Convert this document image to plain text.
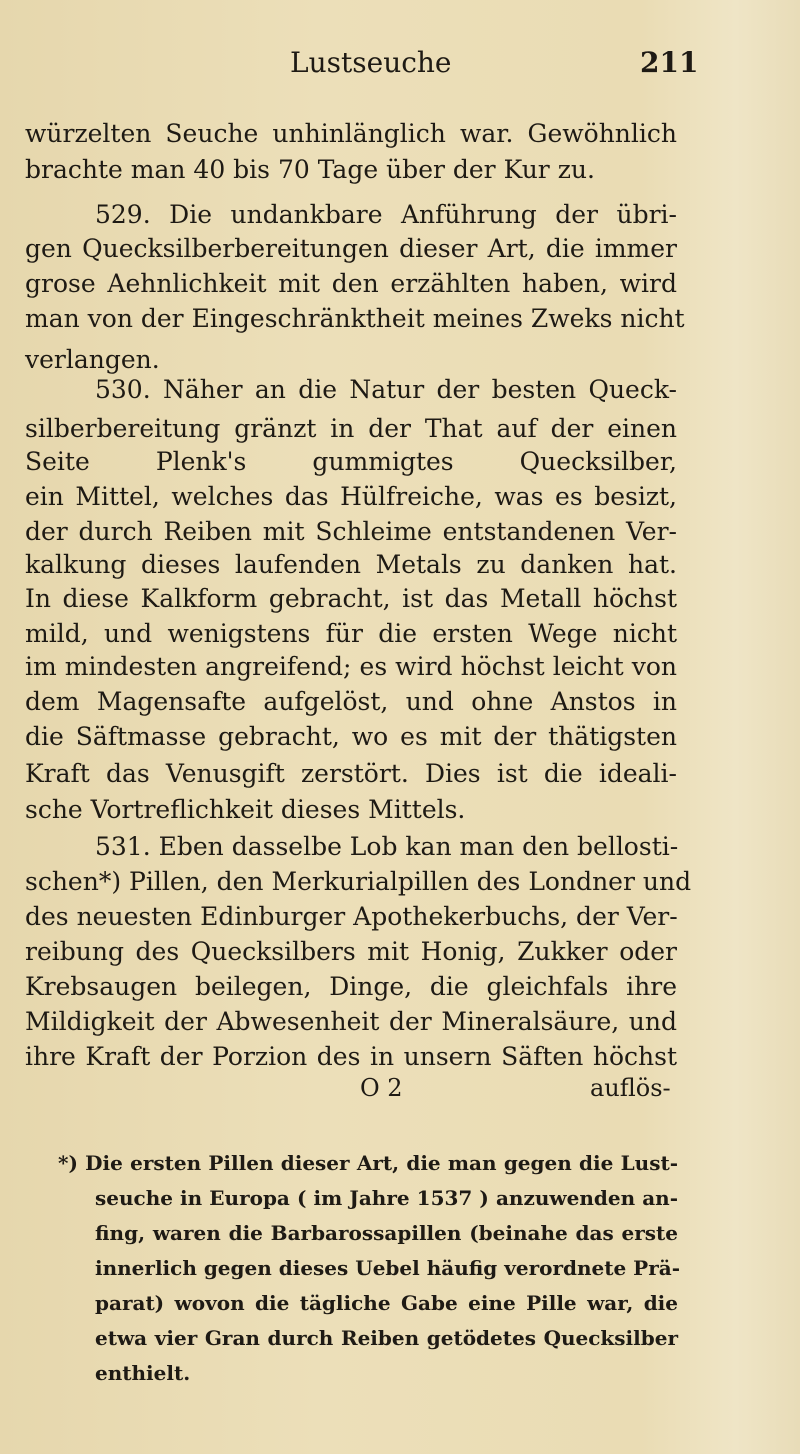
Lustseuche	211
würzelten Seuche unhinlänglich war. Gewöhnlich
brachte man 40 bis 70 Tage über der Kur zu.
529. Die undankbare Anführung der übri-
gen Quecksilberbereitungen dieser Art, die immer
grose Aehnlichkeit mit den erzählten haben, wird
man von der Eingeschränktheit meines Zweks nicht
verlangen.
530. Näher an die Natur der besten Queck-
silberbereitung gränzt in der That auf der einen
Seite Plenk's gummigtes Quecksilber,
ein Mittel, welches das Hülfreiche, was es besizt,
der durch Reiben mit Schleime entstandenen Ver-
kalkung dieses laufenden Metals zu danken hat.
In diese Kalkform gebracht, ist das Metall höchst
mild, und wenigstens für die ersten Wege nicht
im mindesten angreifend; es wird höchst leicht von
dem Magensafte aufgelöst, und ohne Anstos in
die Säftmasse gebracht, wo es mit der thätigsten
Kraft das Venusgift zerstört. Dies ist die ideali-
sche Vortreflichkeit dieses Mittels.
531. Eben dasselbe Lob kan man den bellosti-
schen*) Pillen, den Merkurialpillen des Londner und
des neuesten Edinburger Apothekerbuchs, der Ver-
reibung des Quecksilbers mit Honig, Zukker oder
Krebsaugen beilegen, Dinge, die gleichfals ihre
Mildigkeit der Abwesenheit der Mineralsäure, und
ihre Kraft der Porzion des in unsern Säften höchst
O 2	auflös-
*) Die ersten Pillen dieser Art, die man gegen die Lust-
seuche in Europa ( im Jahre 1537 ) anzuwenden an-
fing, waren die Barbarossapillen (beinahe das erste
innerlich gegen dieses Uebel häufig verordnete Prä-
parat) wovon die tägliche Gabe eine Pille war, die
etwa vier Gran durch Reiben getödetes Quecksilber
enthielt.
